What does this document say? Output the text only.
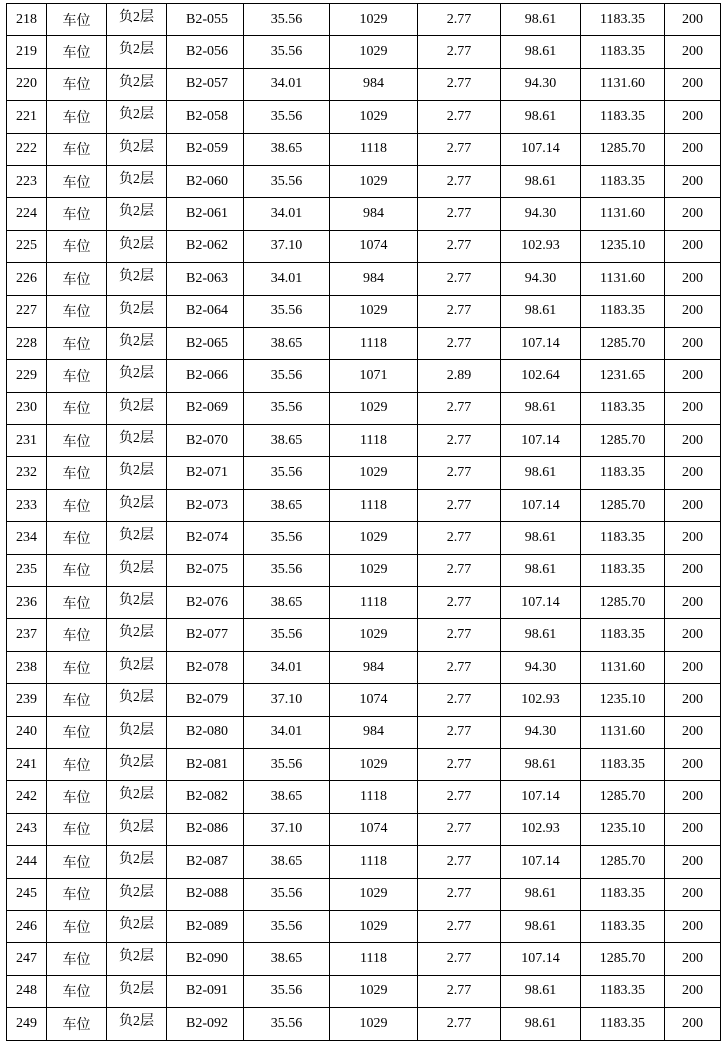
218	车位	负2层	B2-055	35.56	1029	2.77	98.61	1183.35	200
219	车位	负2层	B2-056	35.56	1029	2.77	98.61	1183.35	200
220	车位	负2层	B2-057	34.01	984	2.77	94.30	1131.60	200
221	车位	负2层	B2-058	35.56	1029	2.77	98.61	1183.35	200
222	车位	负2层	B2-059	38.65	1118	2.77	107.14	1285.70	200
223	车位	负2层	B2-060	35.56	1029	2.77	98.61	1183.35	200
224	车位	负2层	B2-061	34.01	984	2.77	94.30	1131.60	200
225	车位	负2层	B2-062	37.10	1074	2.77	102.93	1235.10	200
226	车位	负2层	B2-063	34.01	984	2.77	94.30	1131.60	200
227	车位	负2层	B2-064	35.56	1029	2.77	98.61	1183.35	200
228	车位	负2层	B2-065	38.65	1118	2.77	107.14	1285.70	200
229	车位	负2层	B2-066	35.56	1071	2.89	102.64	1231.65	200
230	车位	负2层	B2-069	35.56	1029	2.77	98.61	1183.35	200
231	车位	负2层	B2-070	38.65	1118	2.77	107.14	1285.70	200
232	车位	负2层	B2-071	35.56	1029	2.77	98.61	1183.35	200
233	车位	负2层	B2-073	38.65	1118	2.77	107.14	1285.70	200
234	车位	负2层	B2-074	35.56	1029	2.77	98.61	1183.35	200
235	车位	负2层	B2-075	35.56	1029	2.77	98.61	1183.35	200
236	车位	负2层	B2-076	38.65	1118	2.77	107.14	1285.70	200
237	车位	负2层	B2-077	35.56	1029	2.77	98.61	1183.35	200
238	车位	负2层	B2-078	34.01	984	2.77	94.30	1131.60	200
239	车位	负2层	B2-079	37.10	1074	2.77	102.93	1235.10	200
240	车位	负2层	B2-080	34.01	984	2.77	94.30	1131.60	200
241	车位	负2层	B2-081	35.56	1029	2.77	98.61	1183.35	200
242	车位	负2层	B2-082	38.65	1118	2.77	107.14	1285.70	200
243	车位	负2层	B2-086	37.10	1074	2.77	102.93	1235.10	200
244	车位	负2层	B2-087	38.65	1118	2.77	107.14	1285.70	200
245	车位	负2层	B2-088	35.56	1029	2.77	98.61	1183.35	200
246	车位	负2层	B2-089	35.56	1029	2.77	98.61	1183.35	200
247	车位	负2层	B2-090	38.65	1118	2.77	107.14	1285.70	200
248	车位	负2层	B2-091	35.56	1029	2.77	98.61	1183.35	200
249	车位	负2层	B2-092	35.56	1029	2.77	98.61	1183.35	200
